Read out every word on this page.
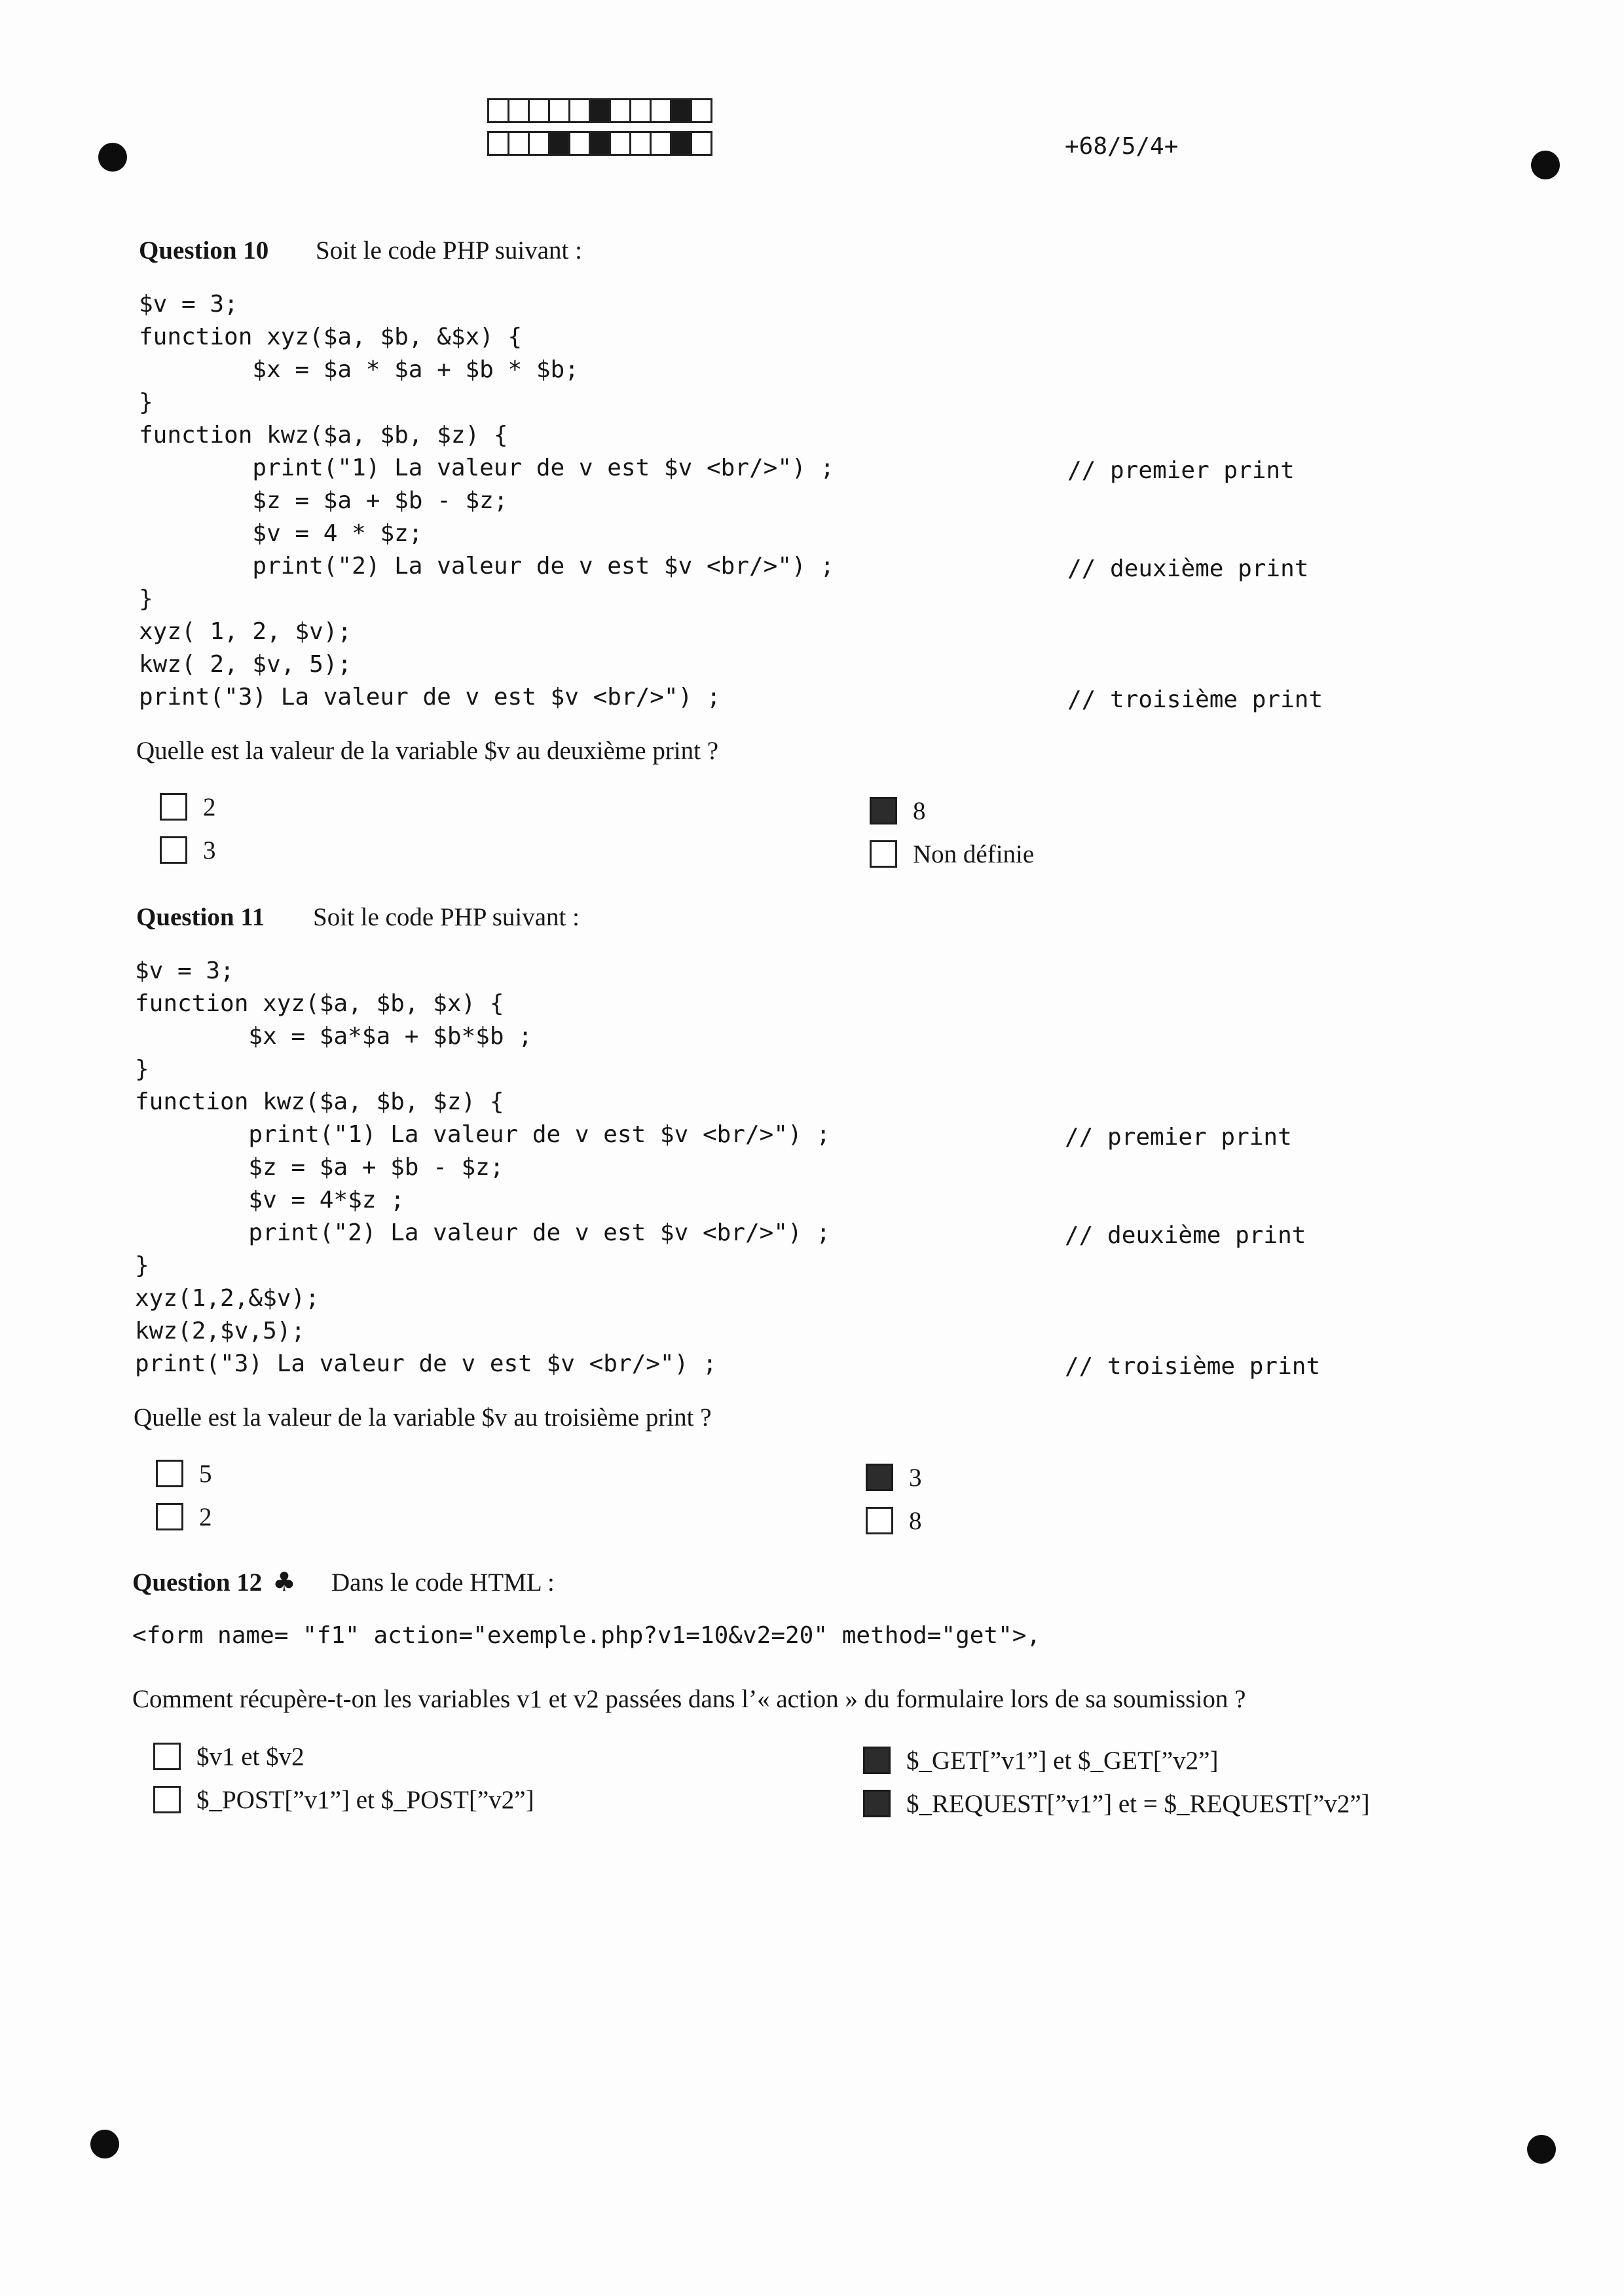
+68/5/4+
Question 10 Soit le code PHP suivant :
$v = 3;
function xyz($a, $b, &$x) {
$x = $a * $a + $b * $b;
}
function kwz($a, $b, $z) {
print("1) La valeur de v est $v <br/>") ;
$z = $a + $b - $z;
$v = 4 * $z;
print("2) La valeur de v est $v <br/>") ;
}
xyz( 1, 2, $v);
kwz( 2, $v, 5);
print("3) La valeur de v est $v <br/>") ;
// premier print
// deuxième print
// troisième print
Quelle est la valeur de la variable $v au deuxième print ?
2
3
8
Non définie
Question 11 Soit le code PHP suivant :
$v = 3;
function xyz($a, $b, $x) {
$x = $a*$a + $b*$b ;
}
function kwz($a, $b, $z) {
print("1) La valeur de v est $v <br/>") ;
$z = $a + $b - $z;
$v = 4*$z ;
print("2) La valeur de v est $v <br/>") ;
}
xyz(1,2,&$v);
kwz(2,$v,5);
print("3) La valeur de v est $v <br/>") ;
// premier print
// deuxième print
// troisième print
Quelle est la valeur de la variable $v au troisième print ?
5
2
3
8
Question 12 ♣ Dans le code HTML :
<form name= "f1" action="exemple.php?v1=10&v2=20" method="get">,
Comment récupère-t-on les variables v1 et v2 passées dans l’« action » du formulaire lors de sa soumission ?
$v1 et $v2
$_POST[”v1”] et $_POST[”v2”]
$_GET[”v1”] et $_GET[”v2”]
$_REQUEST[”v1”] et = $_REQUEST[”v2”]
